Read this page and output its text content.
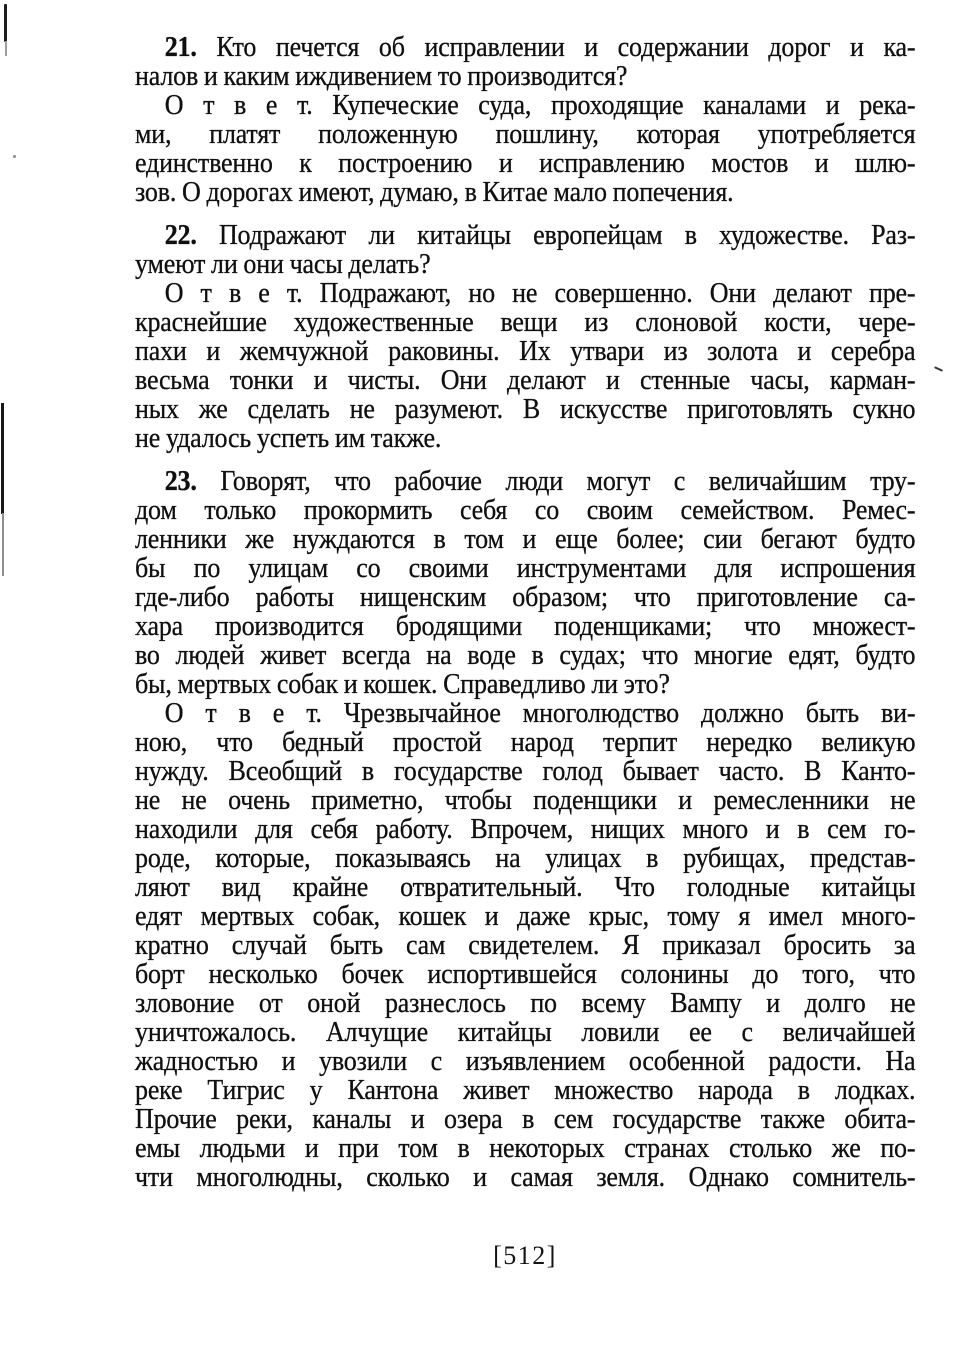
21. Кто печется об исправлении и содержании дорог и ка-
налов и каким иждивением то производится?
О т в е т. Купеческие суда, проходящие каналами и река-
ми, платят положенную пошлину, которая употребляется
единственно к построению и исправлению мостов и шлю-
зов. О дорогах имеют, думаю, в Китае мало попечения.
22. Подражают ли китайцы европейцам в художестве. Раз-
умеют ли они часы делать?
О т в е т. Подражают, но не совершенно. Они делают пре-
краснейшие художественные вещи из слоновой кости, чере-
пахи и жемчужной раковины. Их утвари из золота и серебра
весьма тонки и чисты. Они делают и стенные часы, карман-
ных же сделать не разумеют. В искусстве приготовлять сукно
не удалось успеть им также.
23. Говорят, что рабочие люди могут с величайшим тру-
дом только прокормить себя со своим семейством. Ремес-
ленники же нуждаются в том и еще более; сии бегают будто
бы по улицам со своими инструментами для испрошения
где-либо работы нищенским образом; что приготовление са-
хара производится бродящими поденщиками; что множест-
во людей живет всегда на воде в судах; что многие едят, будто
бы, мертвых собак и кошек. Справедливо ли это?
О т в е т. Чрезвычайное многолюдство должно быть ви-
ною, что бедный простой народ терпит нередко великую
нужду. Всеобщий в государстве голод бывает часто. В Канто-
не не очень приметно, чтобы поденщики и ремесленники не
находили для себя работу. Впрочем, нищих много и в сем го-
роде, которые, показываясь на улицах в рубищах, представ-
ляют вид крайне отвратительный. Что голодные китайцы
едят мертвых собак, кошек и даже крыс, тому я имел много-
кратно случай быть сам свидетелем. Я приказал бросить за
борт несколько бочек испортившейся солонины до того, что
зловоние от оной разнеслось по всему Вампу и долго не
уничтожалось. Алчущие китайцы ловили ее с величайшей
жадностью и увозили с изъявлением особенной радости. На
реке Тигрис у Кантона живет множество народа в лодках.
Прочие реки, каналы и озера в сем государстве также обита-
емы людьми и при том в некоторых странах столько же по-
чти многолюдны, сколько и самая земля. Однако сомнитель-
[512]
